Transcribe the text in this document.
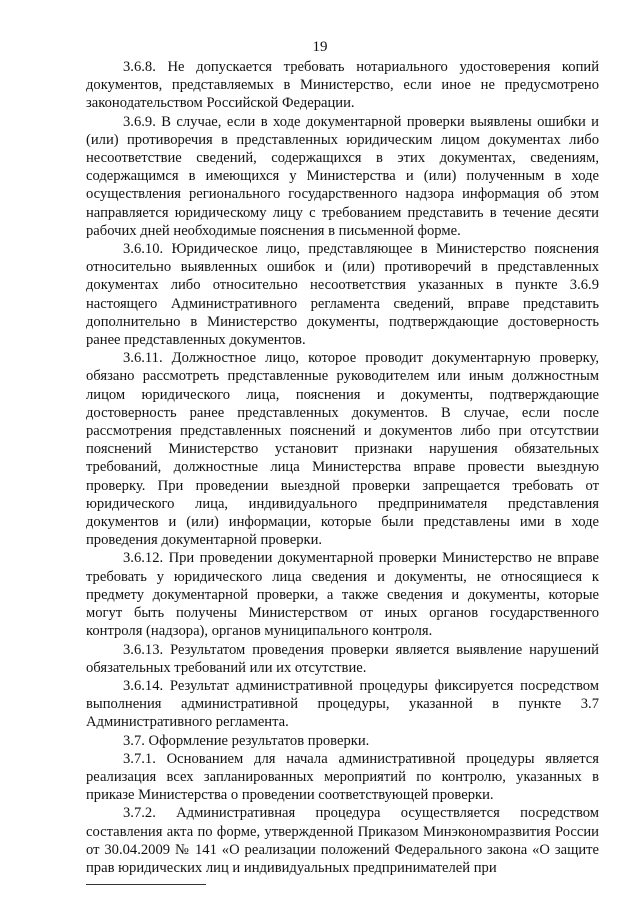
19

3.6.8. Не допускается требовать нотариального удостоверения копий документов, представляемых в Министерство, если иное не предусмотрено законодательством Российской Федерации.

3.6.9. В случае, если в ходе документарной проверки выявлены ошибки и (или) противоречия в представленных юридическим лицом документах либо несоответствие сведений, содержащихся в этих документах, сведениям, содержащимся в имеющихся у Министерства и (или) полученным в ходе осуществления регионального государственного надзора информация об этом направляется юридическому лицу с требованием представить в течение десяти рабочих дней необходимые пояснения в письменной форме.

3.6.10. Юридическое лицо, представляющее в Министерство пояснения относительно выявленных ошибок и (или) противоречий в представленных документах либо относительно несоответствия указанных в пункте 3.6.9 настоящего Административного регламента сведений, вправе представить дополнительно в Министерство документы, подтверждающие достоверность ранее представленных документов.

3.6.11. Должностное лицо, которое проводит документарную проверку, обязано рассмотреть представленные руководителем или иным должностным лицом юридического лица, пояснения и документы, подтверждающие достоверность ранее представленных документов. В случае, если после рассмотрения представленных пояснений и документов либо при отсутствии пояснений Министерство установит признаки нарушения обязательных требований, должностные лица Министерства вправе провести выездную проверку. При проведении выездной проверки запрещается требовать от юридического лица, индивидуального предпринимателя представления документов и (или) информации, которые были представлены ими в ходе проведения документарной проверки.

3.6.12. При проведении документарной проверки Министерство не вправе требовать у юридического лица сведения и документы, не относящиеся к предмету документарной проверки, а также сведения и документы, которые могут быть получены Министерством от иных органов государственного контроля (надзора), органов муниципального контроля.

3.6.13. Результатом проведения проверки является выявление нарушений обязательных требований или их отсутствие.

3.6.14. Результат административной процедуры фиксируется посредством выполнения административной процедуры, указанной в пункте 3.7 Административного регламента.

3.7. Оформление результатов проверки.

3.7.1. Основанием для начала административной процедуры является реализация всех запланированных мероприятий по контролю, указанных в приказе Министерства о проведении соответствующей проверки.

3.7.2. Административная процедура осуществляется посредством составления акта по форме, утвержденной Приказом Минэкономразвития России от 30.04.2009 № 141 «О реализации положений Федерального закона «О защите прав юридических лиц и индивидуальных предпринимателей при
